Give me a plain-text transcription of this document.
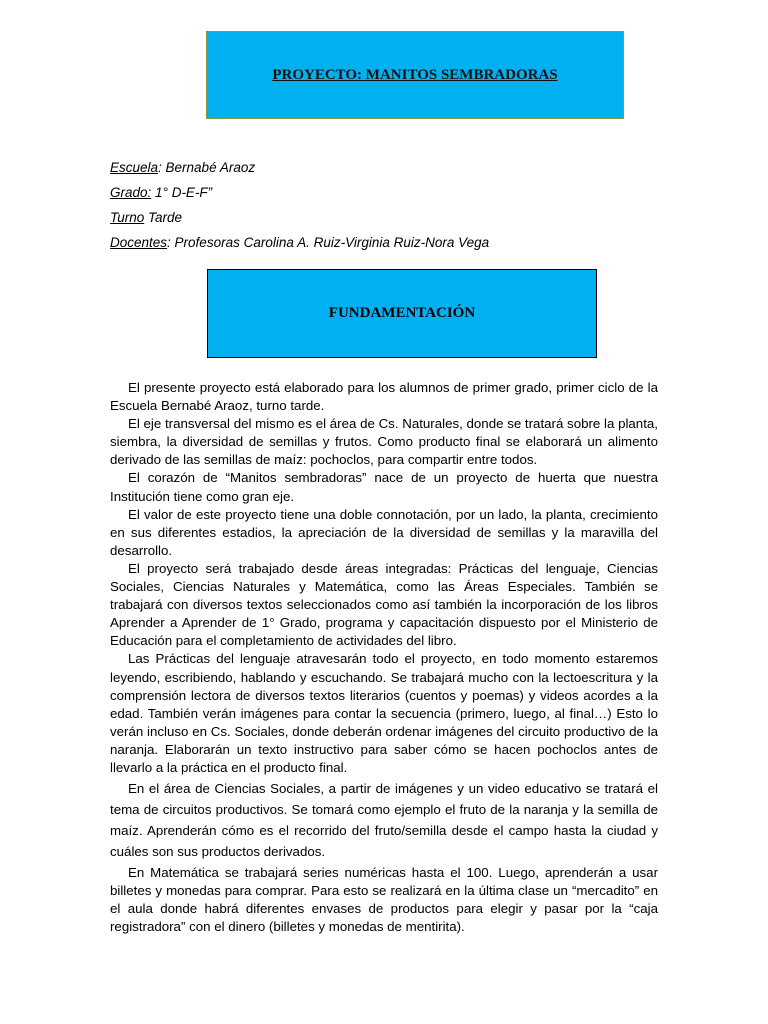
PROYECTO: MANITOS SEMBRADORAS
Escuela: Bernabé Araoz
Grado: 1° D-E-F”
Turno Tarde
Docentes: Profesoras Carolina A. Ruiz-Virginia Ruiz-Nora Vega
FUNDAMENTACIÓN

El presente proyecto está elaborado para los alumnos de primer grado, primer ciclo de la Escuela Bernabé Araoz, turno tarde.

El eje transversal del mismo es el área de Cs. Naturales, donde se tratará sobre la planta, siembra, la diversidad de semillas y frutos. Como producto final se elaborará un alimento derivado de las semillas de maíz: pochoclos, para compartir entre todos.

El corazón de “Manitos sembradoras” nace de un proyecto de huerta que nuestra Institución tiene como gran eje.

El valor de este proyecto tiene una doble connotación, por un lado, la planta, crecimiento en sus diferentes estadios, la apreciación de la diversidad de semillas y la maravilla del desarrollo.

El proyecto será trabajado desde áreas integradas: Prácticas del lenguaje, Ciencias Sociales, Ciencias Naturales y Matemática, como las Áreas Especiales. También se trabajará con diversos textos seleccionados como así también la incorporación de los libros Aprender a Aprender de 1° Grado, programa y capacitación dispuesto por el Ministerio de Educación para el completamiento de actividades del libro.

Las Prácticas del lenguaje atravesarán todo el proyecto, en todo momento estaremos leyendo, escribiendo, hablando y escuchando. Se trabajará mucho con la lectoescritura y la comprensión lectora de diversos textos literarios (cuentos y poemas) y videos acordes a la edad. También verán imágenes para contar la secuencia (primero, luego, al final…) Esto lo verán incluso en Cs. Sociales, donde deberán ordenar imágenes del circuito productivo de la naranja. Elaborarán un texto instructivo para saber cómo se hacen pochoclos antes de llevarlo a la práctica en el producto final.

En el área de Ciencias Sociales, a partir de imágenes y un video educativo se tratará el tema de circuitos productivos. Se tomará como ejemplo el fruto de la naranja y la semilla de maíz. Aprenderán cómo es el recorrido del fruto/semilla desde el campo hasta la ciudad y cuáles son sus productos derivados.

En Matemática se trabajará series numéricas hasta el 100. Luego, aprenderán a usar billetes y monedas para comprar. Para esto se realizará en la última clase un “mercadito” en el aula donde habrá diferentes envases de productos para elegir y pasar por la “caja registradora” con el dinero (billetes y monedas de mentirita).
